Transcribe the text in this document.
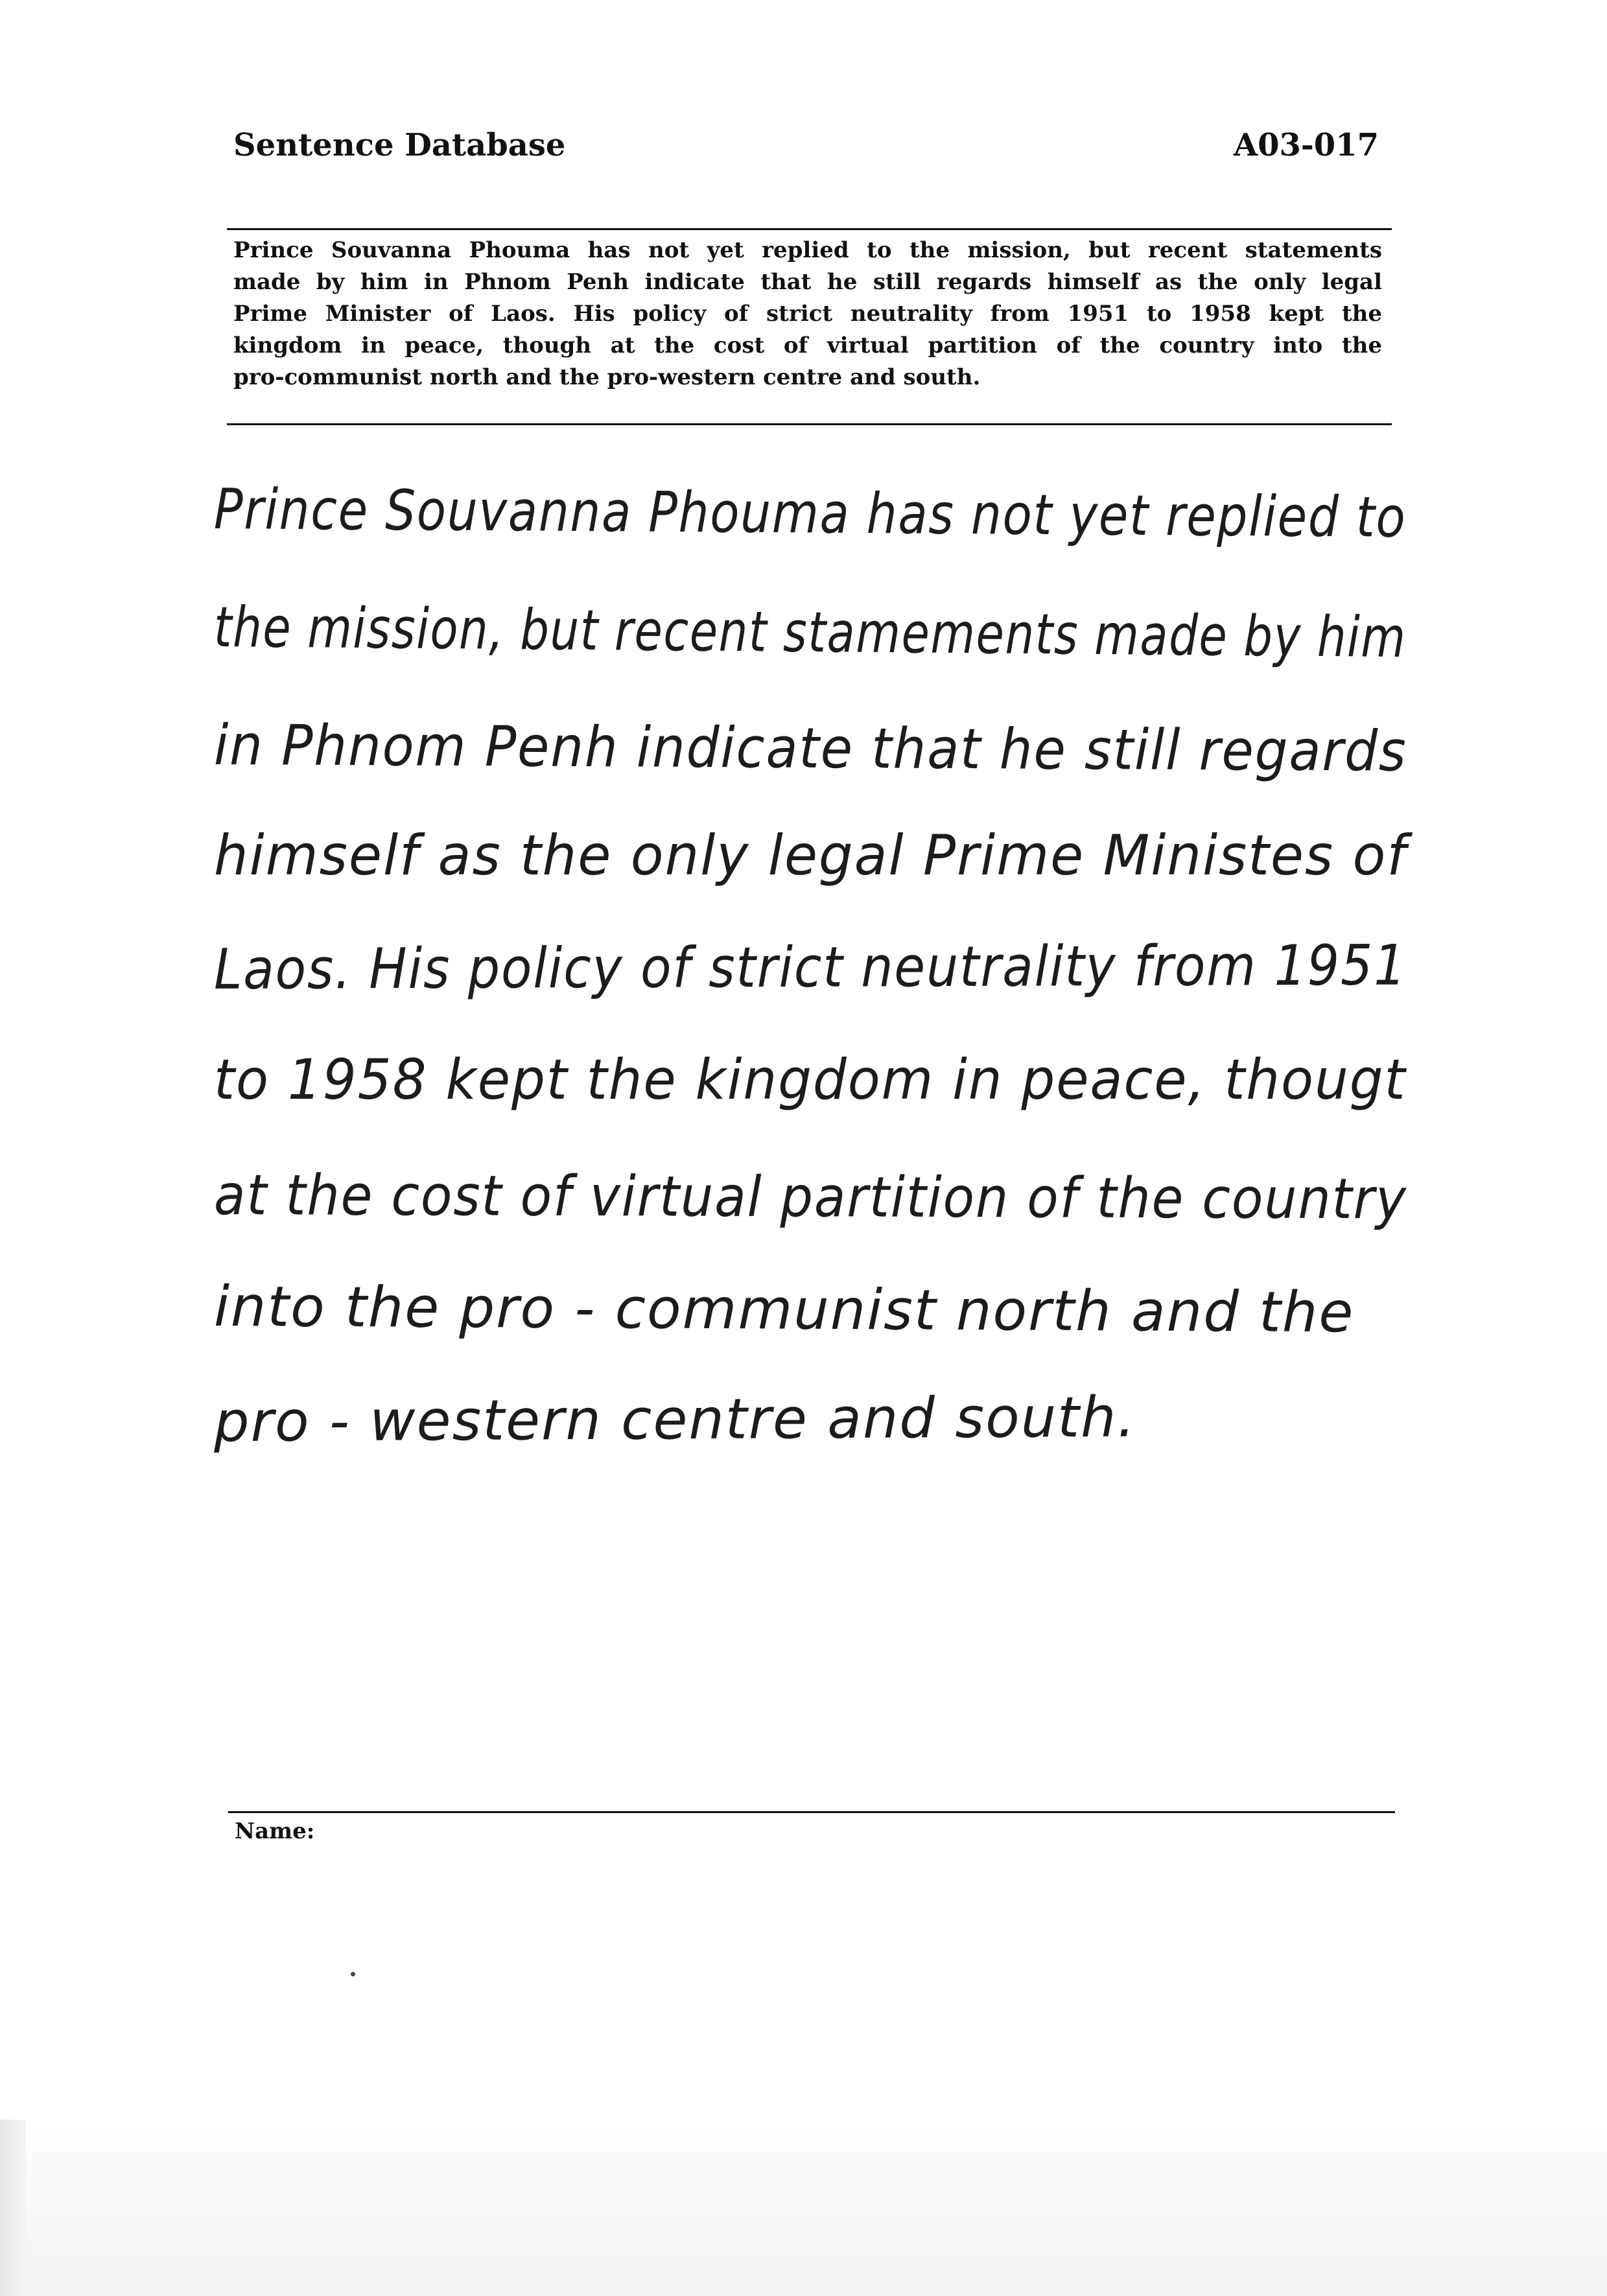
Sentence Database	A03-017
Prince Souvanna Phouma has not yet replied to the mission, but recent statements
made by him in Phnom Penh indicate that he still regards himself as the only legal
Prime Minister of Laos. His policy of strict neutrality from 1951 to 1958 kept the
kingdom in peace, though at the cost of virtual partition of the country into the
pro-communist north and the pro-western centre and south.
Prince Souvanna Phouma has not yet replied to
the mission, but recent stamements made by him
in Phnom Penh indicate that he still regards
himself as the only legal Prime Ministes of
Laos. His policy of strict neutrality from 1951
to 1958 kept the kingdom in peace, thougt
at the cost of virtual partition of the country
into the pro - communist north and the
pro - western centre and south.
Name:
